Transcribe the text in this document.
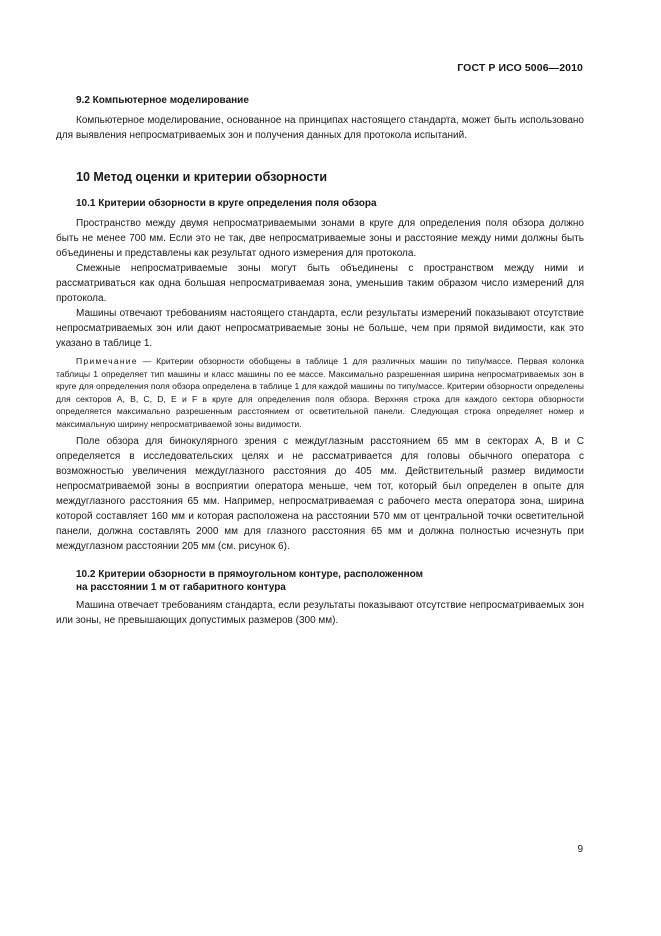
ГОСТ Р ИСО 5006—2010
9.2 Компьютерное моделирование

Компьютерное моделирование, основанное на принципах настоящего стандарта, может быть использовано для выявления непросматриваемых зон и получения данных для протокола испытаний.

10 Метод оценки и критерии обзорности
10.1 Критерии обзорности в круге определения поля обзора

Пространство между двумя непросматриваемыми зонами в круге для определения поля обзора должно быть не менее 700 мм. Если это не так, две непросматриваемые зоны и расстояние между ними должны быть объединены и представлены как результат одного измерения для протокола.

Смежные непросматриваемые зоны могут быть объединены с пространством между ними и рассматриваться как одна большая непросматриваемая зона, уменьшив таким образом число измерений для протокола.

Машины отвечают требованиям настоящего стандарта, если результаты измерений показывают отсутствие непросматриваемых зон или дают непросматриваемые зоны не больше, чем при прямой видимости, как это указано в таблице 1.

Примечание — Критерии обзорности обобщены в таблице 1 для различных машин по типу/массе. Первая колонка таблицы 1 определяет тип машины и класс машины по ее массе. Максимально разрешенная ширина непросматриваемых зон в круге для определения поля обзора определена в таблице 1 для каждой машины по типу/массе. Критерии обзорности определены для секторов A, B, C, D, E и F в круге для определения поля обзора. Верхняя строка для каждого сектора обзорности определяется максимально разрешенным расстоянием от осветительной панели. Следующая строка определяет номер и максимальную ширину непросматриваемой зоны видимости.

Поле обзора для бинокулярного зрения с междуглазным расстоянием 65 мм в секторах A, B и C определяется в исследовательских целях и не рассматривается для головы обычного оператора с возможностью увеличения междуглазного расстояния до 405 мм. Действительный размер видимости непросматриваемой зоны в восприятии оператора меньше, чем тот, который был определен в опыте для междуглазного расстояния 65 мм. Например, непросматриваемая с рабочего места оператора зона, ширина которой составляет 160 мм и которая расположена на расстоянии 570 мм от центральной точки осветительной панели, должна составлять 2000 мм для глазного расстояния 65 мм и должна полностью исчезнуть при междуглазном расстоянии 205 мм (см. рисунок 6).

10.2 Критерии обзорности в прямоугольном контуре, расположенном
на расстоянии 1 м от габаритного контура

Машина отвечает требованиям стандарта, если результаты показывают отсутствие непросматриваемых зон или зоны, не превышающих допустимых размеров (300 мм).

9
